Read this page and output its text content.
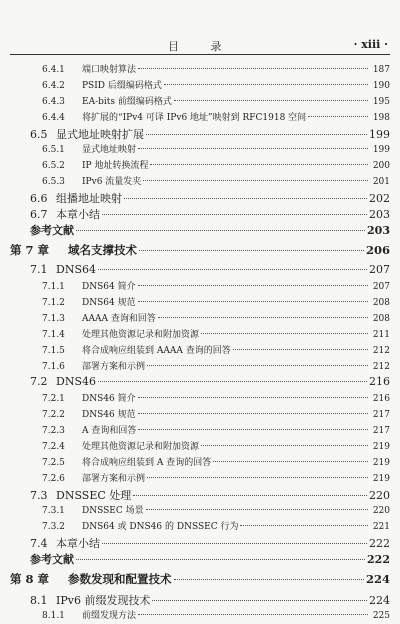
目 录	· xiii ·
6.4.1	端口映射算法	187
6.4.2	PSID 后缀编码格式	190
6.4.3	EA-bits 前缀编码格式	195
6.4.4	将扩展的“IPv4 可译 IPv6 地址”映射到 RFC1918 空间	198
6.5 显式地址映射扩展	199
6.5.1	显式地址映射	199
6.5.2	IP 地址转换流程	200
6.5.3	IPv6 流量发夹	201
6.6 组播地址映射	202
6.7 本章小结	203
参考文献	203
第 7 章	域名支撑技术	206
7.1 DNS64	207
7.1.1	DNS64 简介	207
7.1.2	DNS64 规范	208
7.1.3	AAAA 查询和回答	208
7.1.4	处理其他资源记录和附加资源	211
7.1.5	将合成响应组装到 AAAA 查询的回答	212
7.1.6	部署方案和示例	212
7.2 DNS46	216
7.2.1	DNS46 简介	216
7.2.2	DNS46 规范	217
7.2.3	A 查询和回答	217
7.2.4	处理其他资源记录和附加资源	219
7.2.5	将合成响应组装到 A 查询的回答	219
7.2.6	部署方案和示例	219
7.3 DNSSEC 处理	220
7.3.1	DNSSEC 场景	220
7.3.2	DNS64 或 DNS46 的 DNSSEC 行为	221
7.4 本章小结	222
参考文献	222
第 8 章	参数发现和配置技术	224
8.1 IPv6 前缀发现技术	224
8.1.1	前缀发现方法	225
